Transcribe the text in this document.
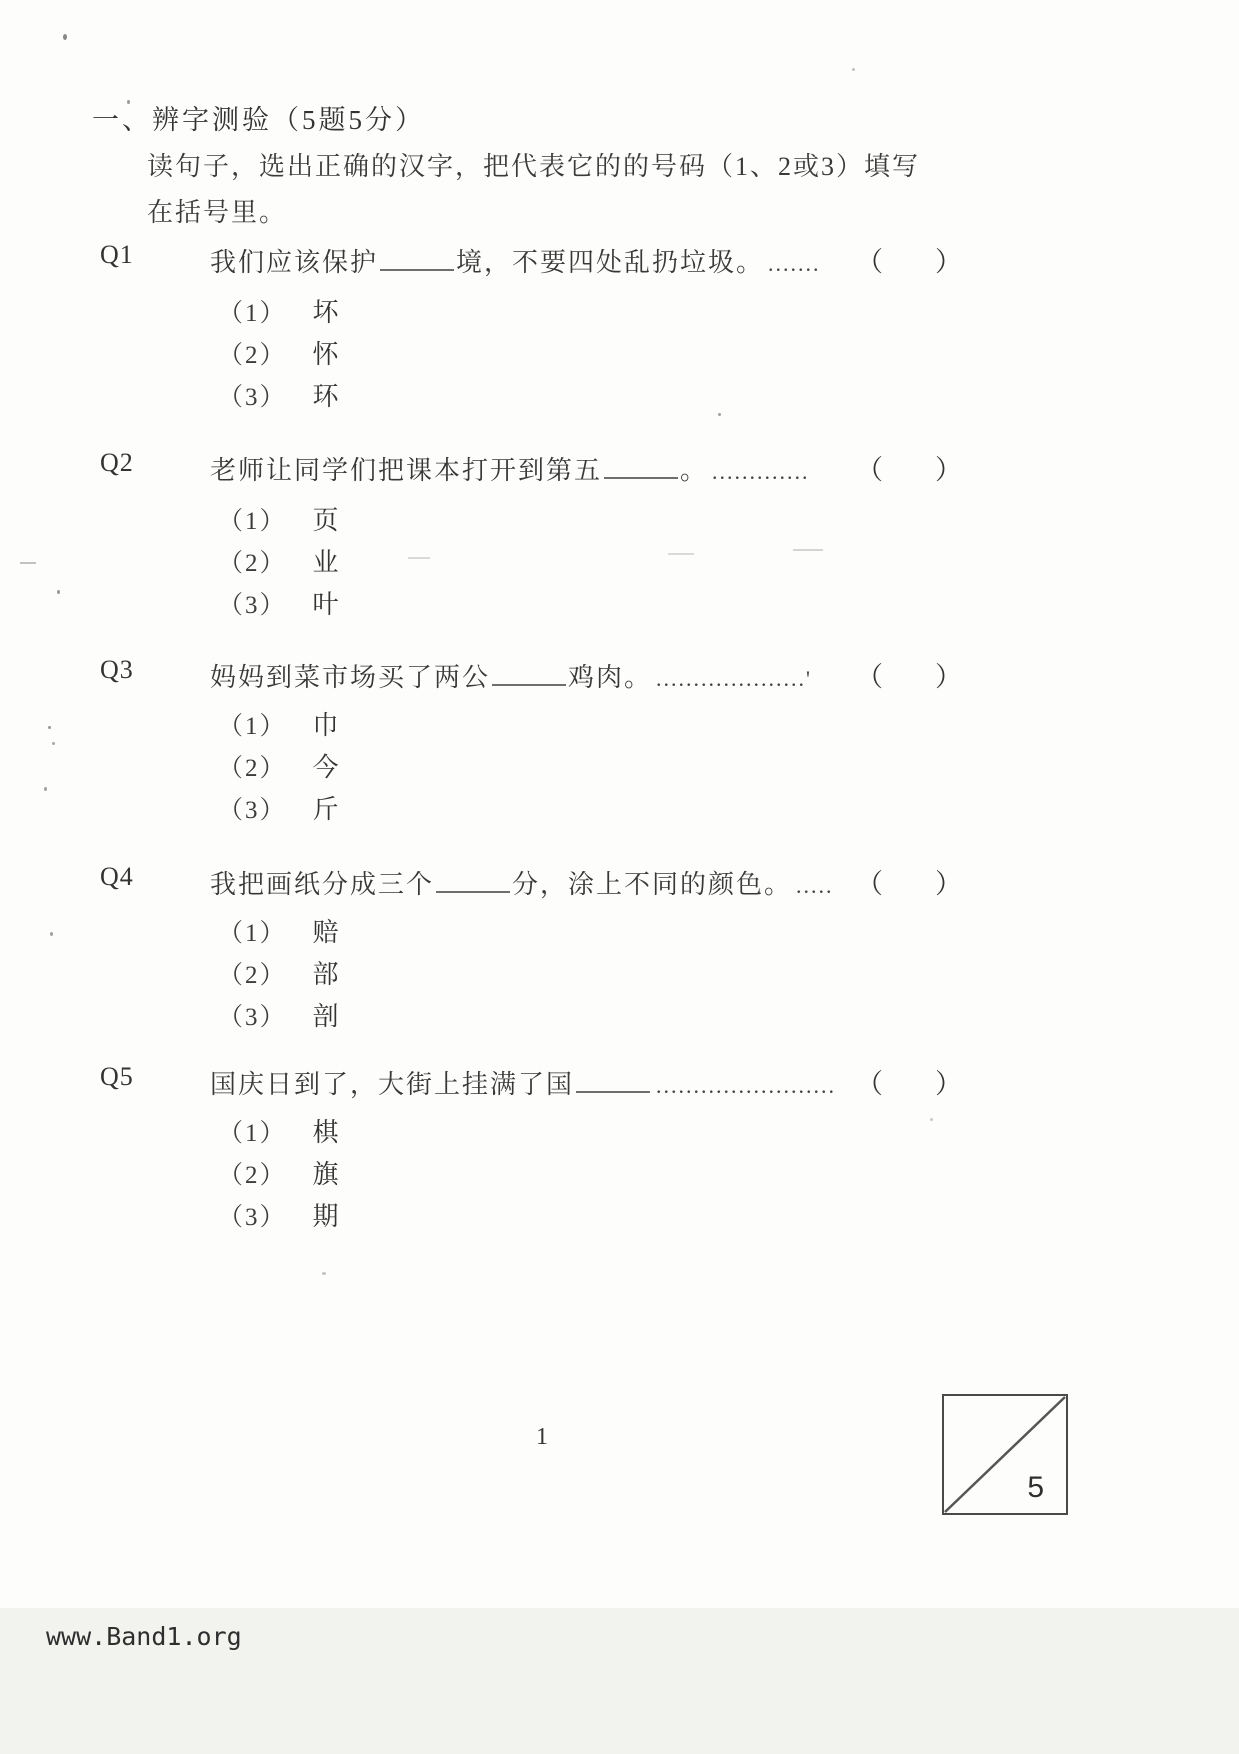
一、辨字测验（5题5分）
读句子，选出正确的汉字，把代表它的的号码（1、2或3）填写
在括号里。
Q1	我们应该保护	境，不要四处乱扔垃圾。 ....... （ ）
（1） 坏
（2） 怀
（3） 环
Q2	老师让同学们把课本打开到第五	。 ............. （ ）
（1） 页
（2） 业
（3） 叶
Q3	妈妈到菜市场买了两公	鸡肉。 ....................' （ ）
（1） 巾
（2） 今
（3） 斤
Q4	我把画纸分成三个	分，涂上不同的颜色。 ..... （ ）
（1） 赔
（2） 部
（3） 剖
Q5	国庆日到了，大街上挂满了国	........................ （ ）
（1） 棋
（2） 旗
（3） 期
5
1
www.Band1.org
